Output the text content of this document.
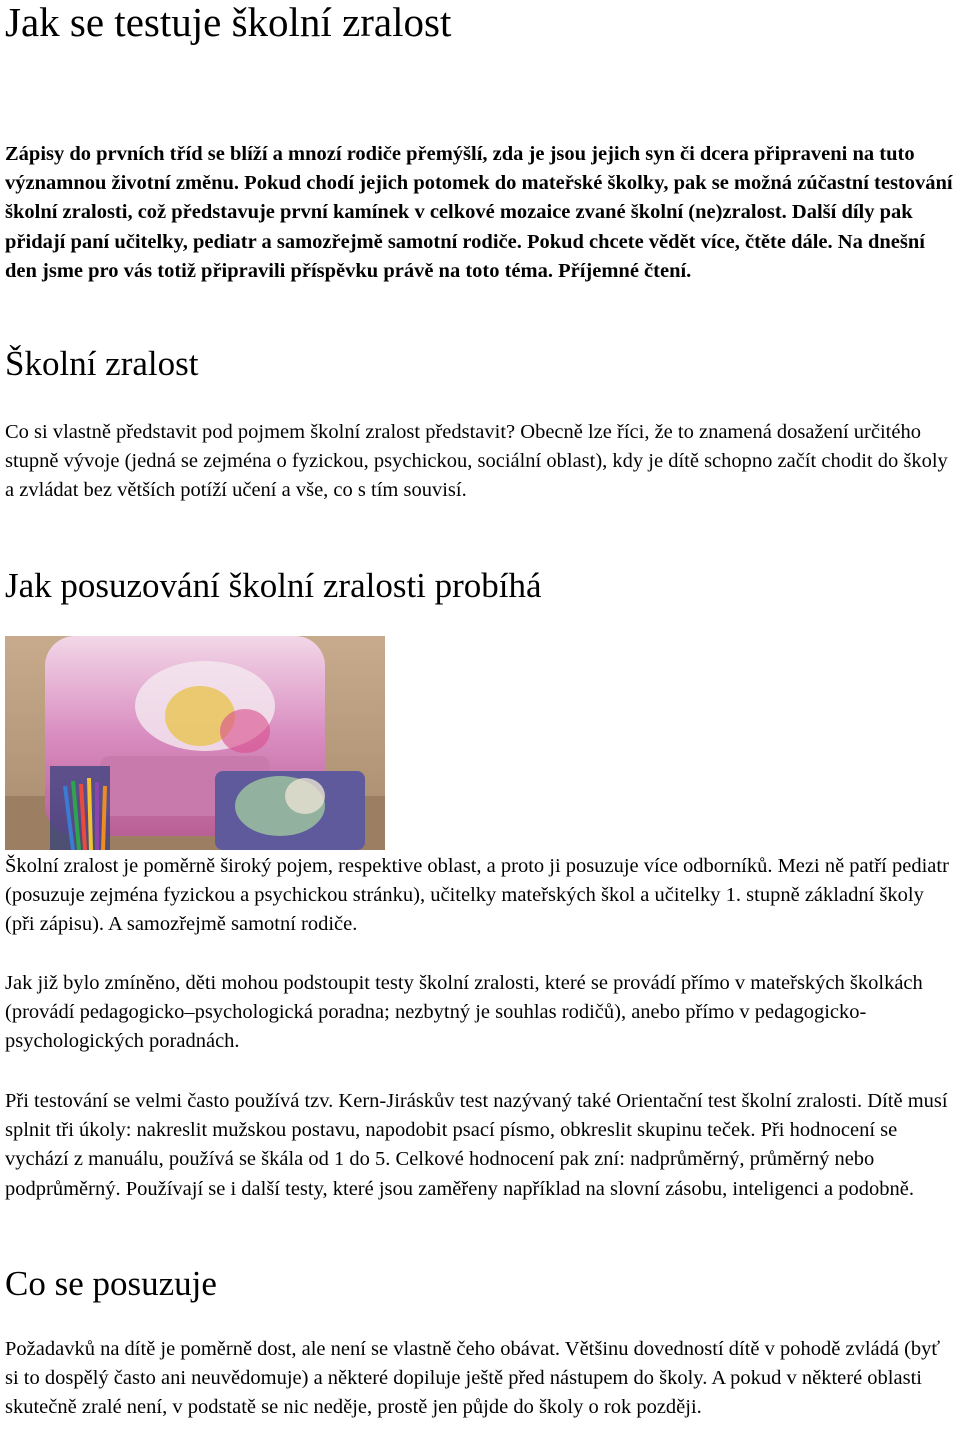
Jak se testuje školní zralost

Zápisy do prvních tříd se blíží a mnozí rodiče přemýšlí, zda je jsou jejich syn či dcera připraveni na tuto významnou životní změnu. Pokud chodí jejich potomek do mateřské školky, pak se možná zúčastní testování školní zralosti, což představuje první kamínek v celkové mozaice zvané školní (ne)zralost. Další díly pak přidají paní učitelky, pediatr a samozřejmě samotní rodiče. Pokud chcete vědět více, čtěte dále. Na dnešní den jsme pro vás totiž připravili příspěvku právě na toto téma. Příjemné čtení.

Školní zralost

Co si vlastně představit pod pojmem školní zralost představit? Obecně lze říci, že to znamená dosažení určitého stupně vývoje (jedná se zejména o fyzickou, psychickou, sociální oblast), kdy je dítě schopno začít chodit do školy a zvládat bez větších potíží učení a vše, co s tím souvisí.

Jak posuzování školní zralosti probíhá

Školní zralost je poměrně široký pojem, respektive oblast, a proto ji posuzuje více odborníků. Mezi ně patří pediatr (posuzuje zejména fyzickou a psychickou stránku), učitelky mateřských škol a učitelky 1. stupně základní školy (při zápisu). A samozřejmě samotní rodiče.

Jak již bylo zmíněno, děti mohou podstoupit testy školní zralosti, které se provádí přímo v mateřských školkách (provádí pedagogicko–psychologická poradna; nezbytný je souhlas rodičů), anebo přímo v pedagogicko- psychologických poradnách.

Při testování se velmi často používá tzv. Kern-Jiráskův test nazývaný také Orientační test školní zralosti. Dítě musí splnit tři úkoly: nakreslit mužskou postavu, napodobit psací písmo, obkreslit skupinu teček. Při hodnocení se vychází z manuálu, používá se škála od 1 do 5. Celkové hodnocení pak zní: nadprůměrný, průměrný nebo podprůměrný. Používají se i další testy, které jsou zaměřeny například na slovní zásobu, inteligenci a podobně.

Co se posuzuje

Požadavků na dítě je poměrně dost, ale není se vlastně čeho obávat. Většinu dovedností dítě v pohodě zvládá (byť si to dospělý často ani neuvědomuje) a některé dopiluje ještě před nástupem do školy. A pokud v některé oblasti skutečně zralé není, v podstatě se nic neděje, prostě jen půjde do školy o rok později.
